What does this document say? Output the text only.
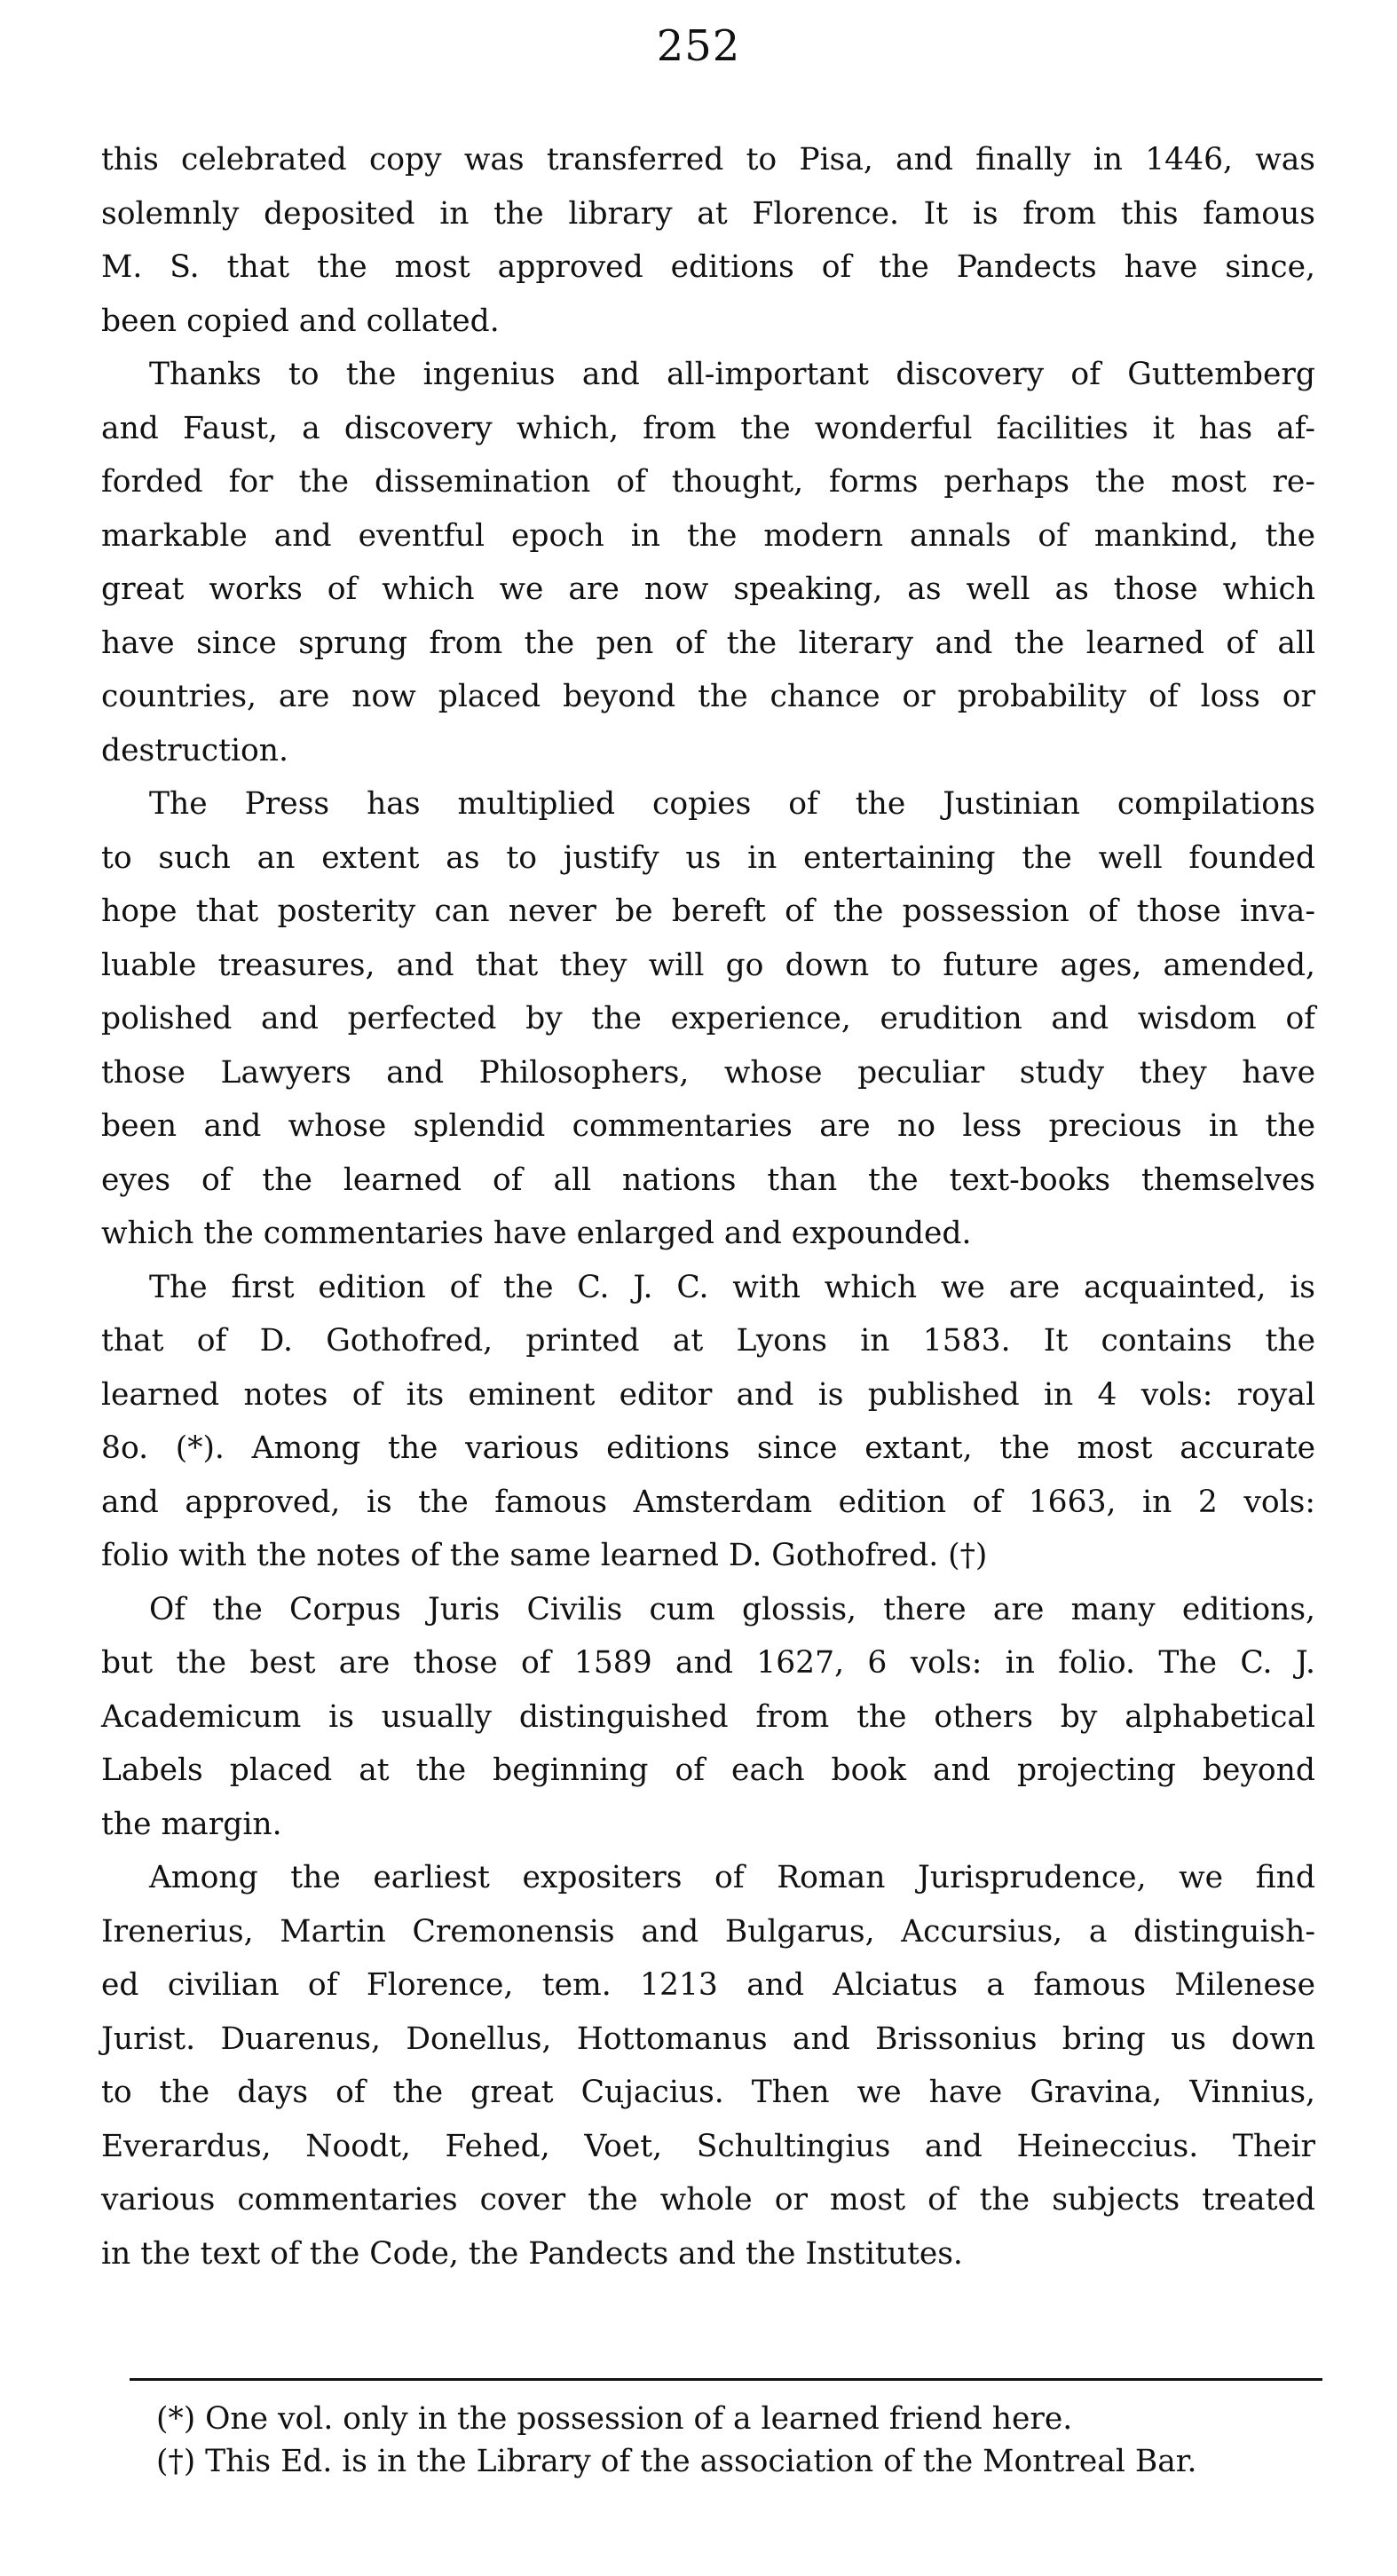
252

this celebrated copy was transferred to Pisa, and finally in 1446, was
solemnly deposited in the library at Florence. It is from this famous
M. S. that the most approved editions of the Pandects have since,
been copied and collated.

Thanks to the ingenius and all-important discovery of Guttemberg
and Faust, a discovery which, from the wonderful facilities it has af-
forded for the dissemination of thought, forms perhaps the most re-
markable and eventful epoch in the modern annals of mankind, the
great works of which we are now speaking, as well as those which
have since sprung from the pen of the literary and the learned of all
countries, are now placed beyond the chance or probability of loss or
destruction.

The Press has multiplied copies of the Justinian compilations
to such an extent as to justify us in entertaining the well founded
hope that posterity can never be bereft of the possession of those inva-
luable treasures, and that they will go down to future ages, amended,
polished and perfected by the experience, erudition and wisdom of
those Lawyers and Philosophers, whose peculiar study they have
been and whose splendid commentaries are no less precious in the
eyes of the learned of all nations than the text-books themselves
which the commentaries have enlarged and expounded.

The first edition of the C. J. C. with which we are acquainted, is
that of D. Gothofred, printed at Lyons in 1583. It contains the
learned notes of its eminent editor and is published in 4 vols: royal
8o. (*). Among the various editions since extant, the most accurate
and approved, is the famous Amsterdam edition of 1663, in 2 vols:
folio with the notes of the same learned D. Gothofred. (†)

Of the Corpus Juris Civilis cum glossis, there are many editions,
but the best are those of 1589 and 1627, 6 vols: in folio. The C. J.
Academicum is usually distinguished from the others by alphabetical
Labels placed at the beginning of each book and projecting beyond
the margin.

Among the earliest expositers of Roman Jurisprudence, we find
Irenerius, Martin Cremonensis and Bulgarus, Accursius, a distinguish-
ed civilian of Florence, tem. 1213 and Alciatus a famous Milenese
Jurist. Duarenus, Donellus, Hottomanus and Brissonius bring us down
to the days of the great Cujacius. Then we have Gravina, Vinnius,
Everardus, Noodt, Fehed, Voet, Schultingius and Heineccius. Their
various commentaries cover the whole or most of the subjects treated
in the text of the Code, the Pandects and the Institutes.

(*) One vol. only in the possession of a learned friend here.
(†) This Ed. is in the Library of the association of the Montreal Bar.
